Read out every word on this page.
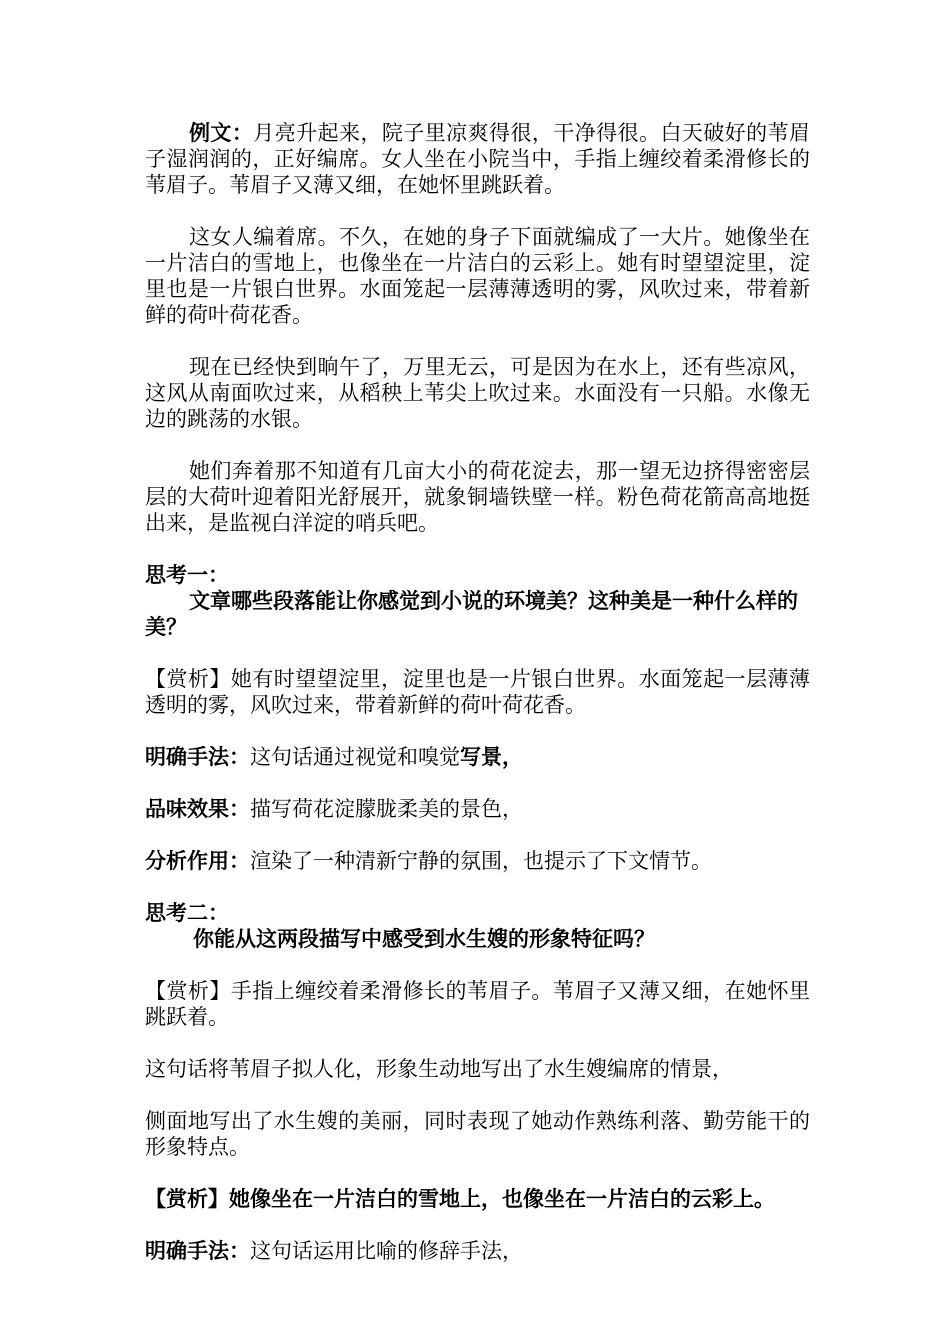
例文：月亮升起来，院子里凉爽得很，干净得很。白天破好的苇眉子湿润润的，正好编席。女人坐在小院当中，手指上缠绞着柔滑修长的苇眉子。苇眉子又薄又细，在她怀里跳跃着。

这女人编着席。不久，在她的身子下面就编成了一大片。她像坐在一片洁白的雪地上，也像坐在一片洁白的云彩上。她有时望望淀里，淀里也是一片银白世界。水面笼起一层薄薄透明的雾，风吹过来，带着新鲜的荷叶荷花香。

现在已经快到晌午了，万里无云，可是因为在水上，还有些凉风，这风从南面吹过来，从稻秧上苇尖上吹过来。水面没有一只船。水像无边的跳荡的水银。

她们奔着那不知道有几亩大小的荷花淀去，那一望无边挤得密密层层的大荷叶迎着阳光舒展开，就象铜墙铁壁一样。粉色荷花箭高高地挺出来，是监视白洋淀的哨兵吧。

思考一：

文章哪些段落能让你感觉到小说的环境美？这种美是一种什么样的美？

【赏析】她有时望望淀里，淀里也是一片银白世界。水面笼起一层薄薄透明的雾，风吹过来，带着新鲜的荷叶荷花香。

明确手法：这句话通过视觉和嗅觉写景，

品味效果：描写荷花淀朦胧柔美的景色，

分析作用：渲染了一种清新宁静的氛围，也提示了下文情节。

思考二：

你能从这两段描写中感受到水生嫂的形象特征吗？

【赏析】手指上缠绞着柔滑修长的苇眉子。苇眉子又薄又细，在她怀里跳跃着。

这句话将苇眉子拟人化，形象生动地写出了水生嫂编席的情景，

侧面地写出了水生嫂的美丽，同时表现了她动作熟练利落、勤劳能干的形象特点。

【赏析】她像坐在一片洁白的雪地上，也像坐在一片洁白的云彩上。

明确手法：这句话运用比喻的修辞手法，
